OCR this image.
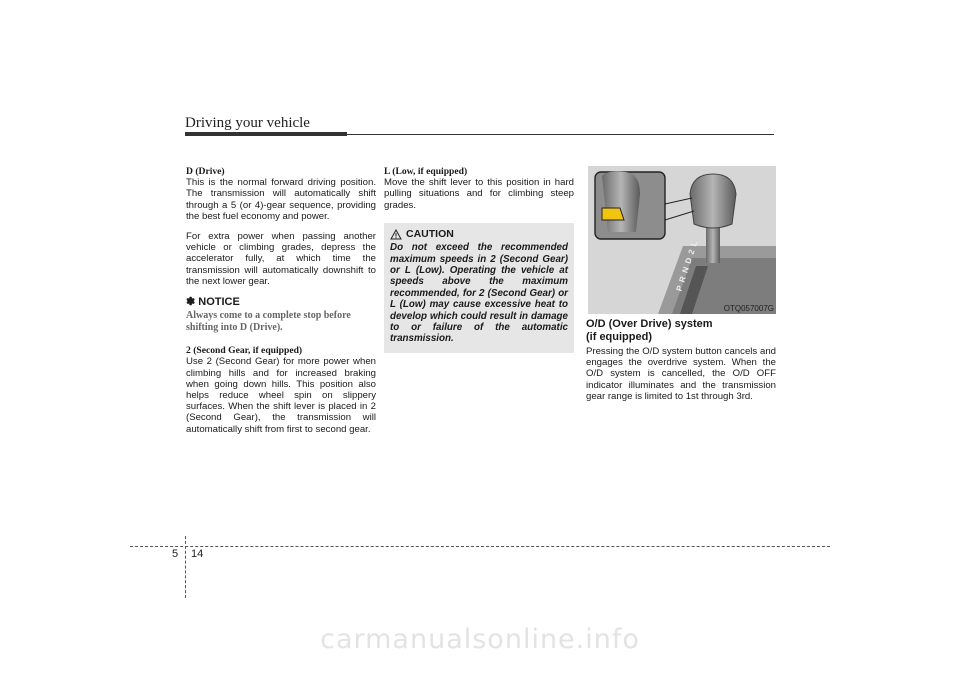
Driving your vehicle
D (Drive)

This is the normal forward driving position. The transmission will automatically shift through a 5 (or 4)-gear sequence, providing the best fuel economy and power.

For extra power when passing another vehicle or climbing grades, depress the accelerator fully, at which time the transmission will automatically downshift to the next lower gear.

✽ NOTICE
Always come to a complete stop before shifting into D (Drive).
2 (Second Gear, if equipped)

Use 2 (Second Gear) for more power when climbing hills and for increased braking when going down hills. This position also helps reduce wheel spin on slippery surfaces. When the shift lever is placed in 2 (Second Gear), the transmission will automatically shift from first to second gear.

L (Low, if equipped)

Move the shift lever to this position in hard pulling situations and for climbing steep grades.

CAUTION
Do not exceed the recommended maximum speeds in 2 (Second Gear) or L (Low). Operating the vehicle at speeds above the maximum recommended, for 2 (Second Gear) or L (Low) may cause excessive heat to develop which could result in damage to or failure of the automatic transmission.
PRND2L
OTQ057007G
O/D (Over Drive) system
(if equipped)

Pressing the O/D system button cancels and engages the overdrive system. When the O/D system is cancelled, the O/D OFF indicator illuminates and the transmission gear range is limited to 1st through 3rd.

5 14
carmanualsonline.info
